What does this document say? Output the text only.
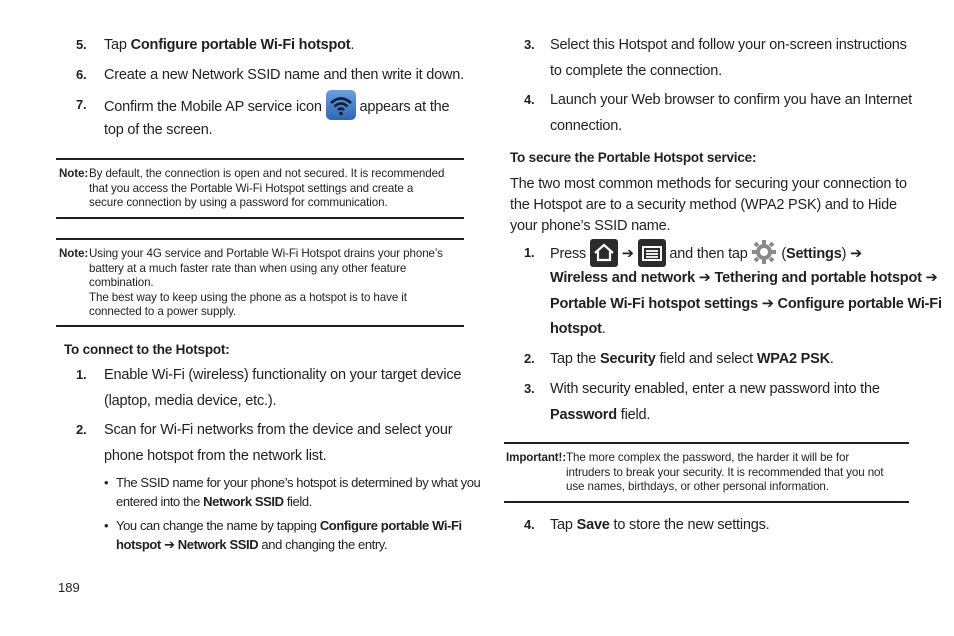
5. Tap Configure portable Wi-Fi hotspot.
6. Create a new Network SSID name and then write it down.
7. Confirm the Mobile AP service icon	appears at the
top of the screen.
Note: By default, the connection is open and not secured. It is recommended
that you access the Portable Wi-Fi Hotspot settings and create a
secure connection by using a password for communication.
Note: Using your 4G service and Portable Wi-Fi Hotspot drains your phone’s
battery at a much faster rate than when using any other feature
combination.
The best way to keep using the phone as a hotspot is to have it
connected to a power supply.
To connect to the Hotspot:
1. Enable Wi-Fi (wireless) functionality on your target device
(laptop, media device, etc.).
2. Scan for Wi-Fi networks from the device and select your
phone hotspot from the network list.
• The SSID name for your phone’s hotspot is determined by what you
entered into the Network SSID field.
• You can change the name by tapping Configure portable Wi-Fi
hotspot ➔ Network SSID and changing the entry.
3. Select this Hotspot and follow your on-screen instructions
to complete the connection.
4. Launch your Web browser to confirm you have an Internet
connection.
To secure the Portable Hotspot service:
The two most common methods for securing your connection to
the Hotspot are to a security method (WPA2 PSK) and to Hide
your phone’s SSID name.
1. Press ➔ and then tap (Settings) ➔
Wireless and network ➔ Tethering and portable hotspot ➔
Portable Wi-Fi hotspot settings ➔ Configure portable Wi-Fi
hotspot.
2. Tap the Security field and select WPA2 PSK.
3. With security enabled, enter a new password into the
Password field.
Important!: The more complex the password, the harder it will be for
intruders to break your security. It is recommended that you not
use names, birthdays, or other personal information.
4. Tap Save to store the new settings.
189
